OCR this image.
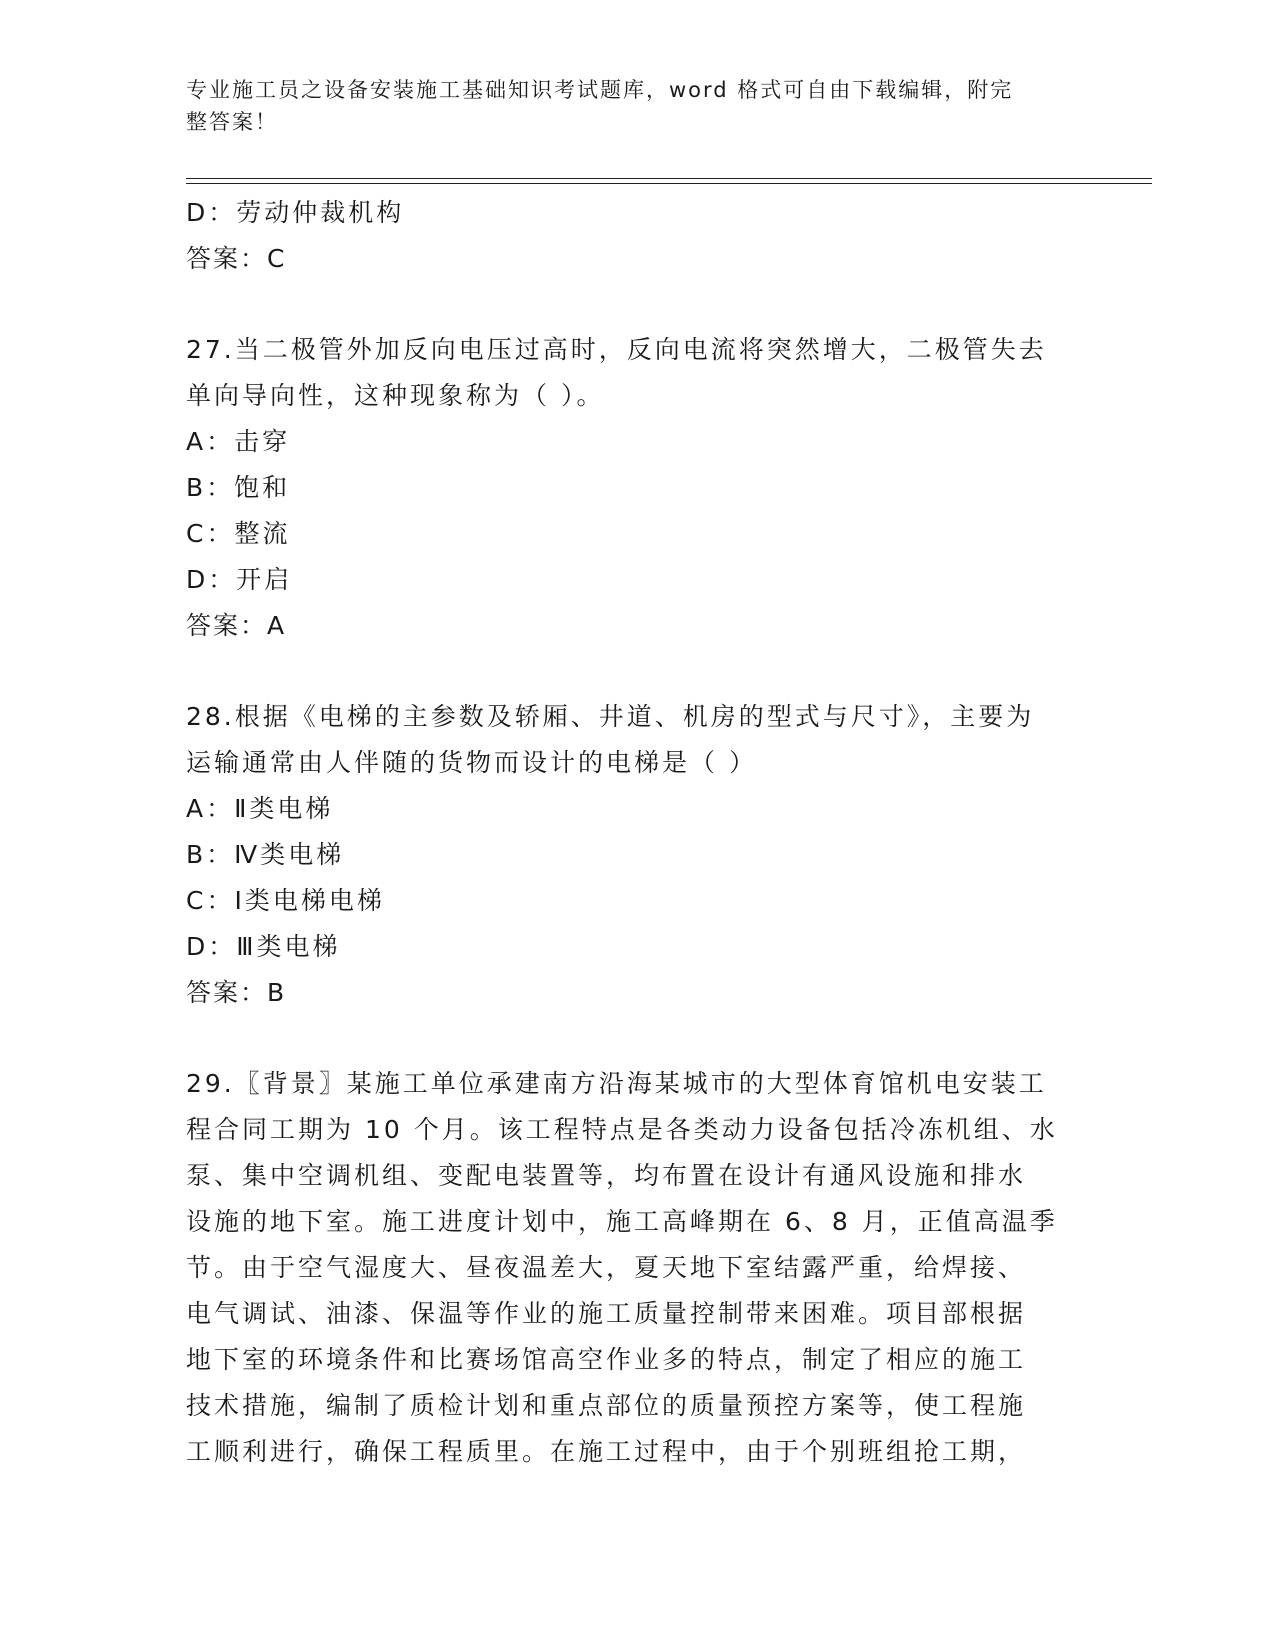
专业施工员之设备安装施工基础知识考试题库，word 格式可自由下载编辑，附完
整答案！
D：劳动仲裁机构
答案：C
27.当二极管外加反向电压过高时，反向电流将突然增大，二极管失去
单向导向性，这种现象称为（ ）。
A：击穿
B：饱和
C：整流
D：开启
答案：A
28.根据《电梯的主参数及轿厢、井道、机房的型式与尺寸》，主要为
运输通常由人伴随的货物而设计的电梯是（ ）
A：Ⅱ类电梯
B：Ⅳ类电梯
C：Ⅰ类电梯电梯
D：Ⅲ类电梯
答案：B
29.〖背景〗某施工单位承建南方沿海某城市的大型体育馆机电安装工
程合同工期为 10 个月。该工程特点是各类动力设备包括冷冻机组、水
泵、集中空调机组、变配电装置等，均布置在设计有通风设施和排水
设施的地下室。施工进度计划中，施工高峰期在 6、8 月，正值高温季
节。由于空气湿度大、昼夜温差大，夏天地下室结露严重，给焊接、
电气调试、油漆、保温等作业的施工质量控制带来困难。项目部根据
地下室的环境条件和比赛场馆高空作业多的特点，制定了相应的施工
技术措施，编制了质检计划和重点部位的质量预控方案等，使工程施
工顺利进行，确保工程质里。在施工过程中，由于个别班组抢工期，
